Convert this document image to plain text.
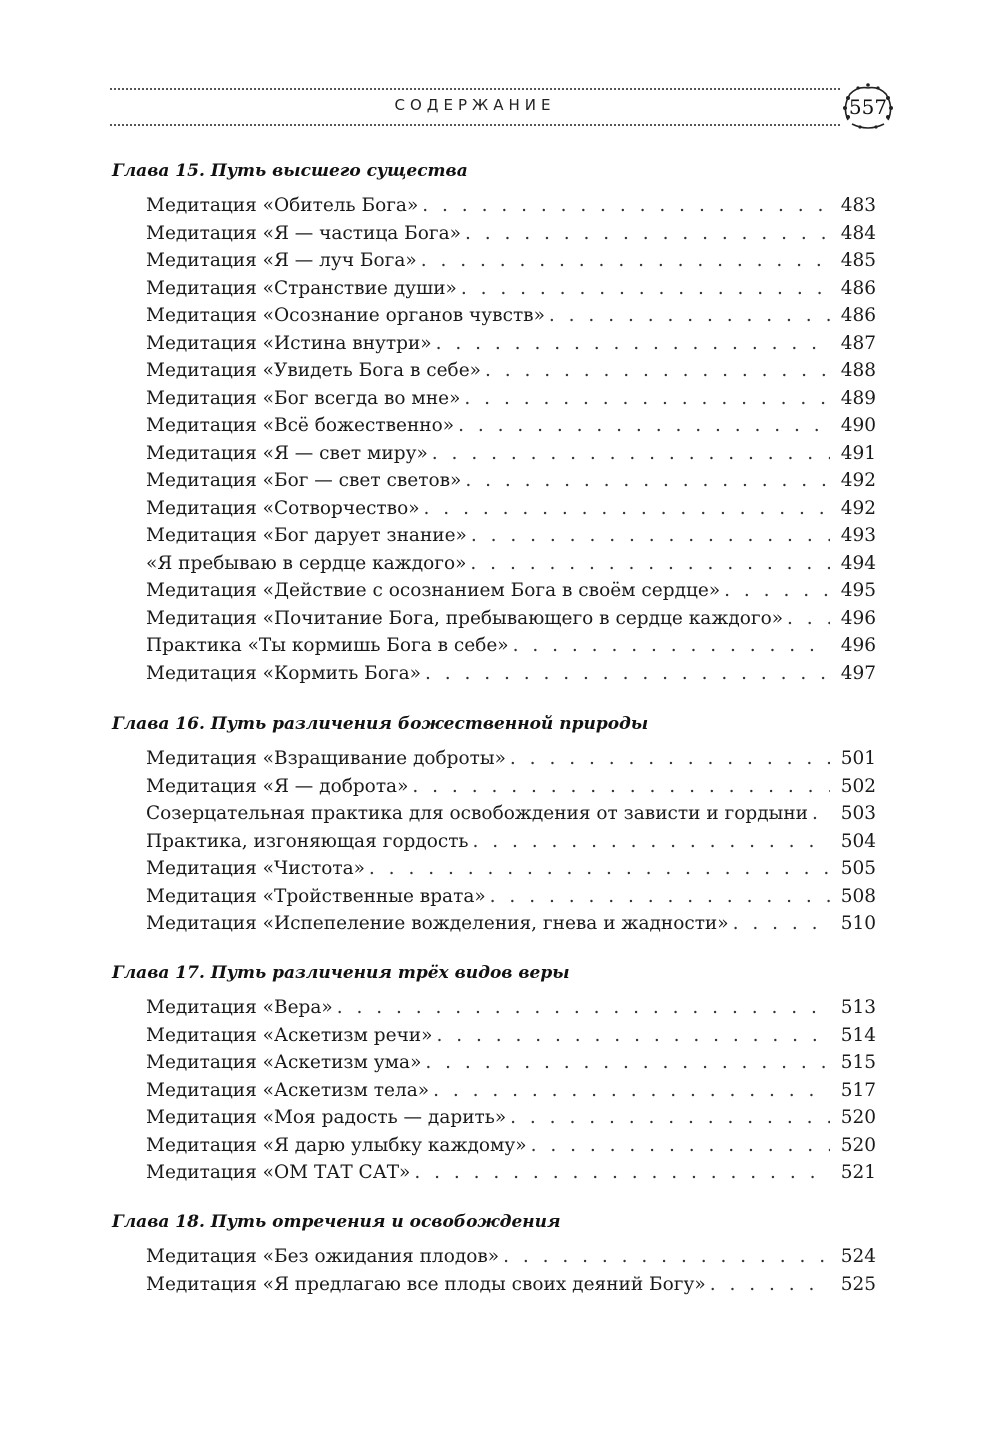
СОДЕРЖАНИЕ	557
Глава 15. Путь высшего существа
Медитация «Обитель Бога» . . .	483
Медитация «Я — частица Бога» . . .	484
Медитация «Я — луч Бога» . . .	485
Медитация «Странствие души» . . .	486
Медитация «Осознание органов чувств» . . .	486
Медитация «Истина внутри» . . .	487
Медитация «Увидеть Бога в себе» . . .	488
Медитация «Бог всегда во мне» . . .	489
Медитация «Всё божественно» . . .	490
Медитация «Я — свет миру» . . .	491
Медитация «Бог — свет светов» . . .	492
Медитация «Сотворчество» . . .	492
Медитация «Бог дарует знание» . . .	493
«Я пребываю в сердце каждого» . . .	494
Медитация «Действие с осознанием Бога в своём сердце» . . .	495
Медитация «Почитание Бога, пребывающего в сердце каждого» . . .	496
Практика «Ты кормишь Бога в себе» . . .	496
Медитация «Кормить Бога» . . .	497
Глава 16. Путь различения божественной природы
Медитация «Взращивание доброты» . . .	501
Медитация «Я — доброта» . . .	502
Созерцательная практика для освобождения от зависти и гордыни . . .	503
Практика, изгоняющая гордость . . .	504
Медитация «Чистота» . . .	505
Медитация «Тройственные врата» . . .	508
Медитация «Испепеление вожделения, гнева и жадности» . . .	510
Глава 17. Путь различения трёх видов веры
Медитация «Вера» . . .	513
Медитация «Аскетизм речи» . . .	514
Медитация «Аскетизм ума» . . .	515
Медитация «Аскетизм тела» . . .	517
Медитация «Моя радость — дарить» . . .	520
Медитация «Я дарю улыбку каждому» . . .	520
Медитация «ОМ ТАТ САТ» . . .	521
Глава 18. Путь отречения и освобождения
Медитация «Без ожидания плодов» . . .	524
Медитация «Я предлагаю все плоды своих деяний Богу» . . .	525
